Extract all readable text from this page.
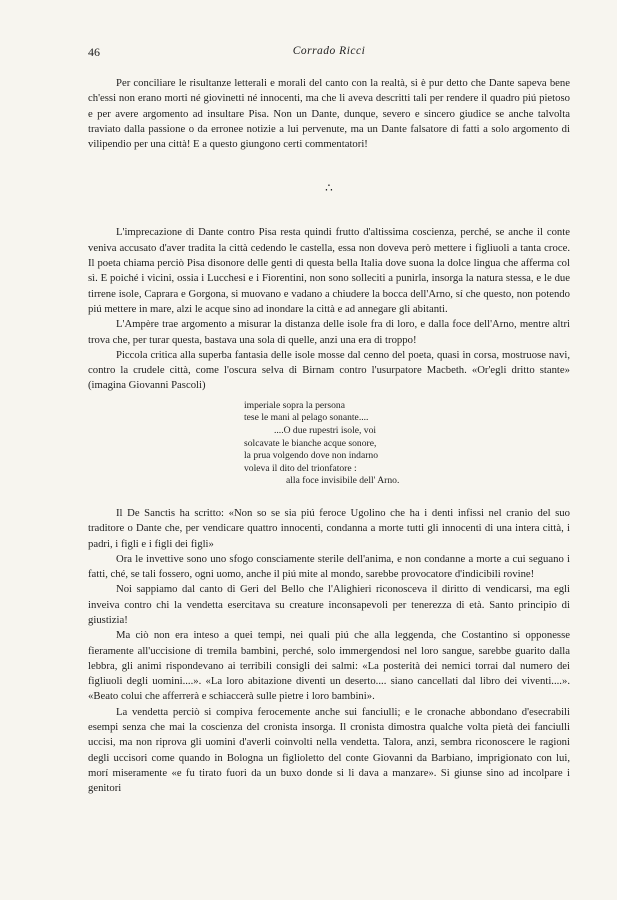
46	Corrado Ricci

Per conciliare le risultanze letterali e morali del canto con la realtà, si è pur detto che Dante sapeva bene ch'essi non erano morti né giovinetti né innocenti, ma che li aveva descritti tali per rendere il quadro piú pietoso e per avere argomento ad insultare Pisa. Non un Dante, dunque, severo e sincero giudice se anche talvolta traviato dalla passione o da erronee notizie a lui pervenute, ma un Dante falsatore di fatti a solo argomento di vilipendio per una città! E a questo giungono certi commentatori!

∴

L'imprecazione di Dante contro Pisa resta quindi frutto d'altissima coscienza, perché, se anche il conte veniva accusato d'aver tradita la città cedendo le castella, essa non doveva però mettere i figliuoli a tanta croce. Il poeta chiama perciò Pisa disonore delle genti di questa bella Italia dove suona la dolce lingua che afferma col sì. E poiché i vicini, ossia i Lucchesi e i Fiorentini, non sono solleciti a punirla, insorga la natura stessa, e le due tirrene isole, Caprara e Gorgona, si muovano e vadano a chiudere la bocca dell'Arno, sí che questo, non potendo piú mettere in mare, alzi le acque sino ad inondare la città e ad annegare gli abitanti.

L'Ampère trae argomento a misurar la distanza delle isole fra di loro, e dalla foce dell'Arno, mentre altri trova che, per turar questa, bastava una sola di quelle, anzi una era di troppo!

Piccola critica alla superba fantasia delle isole mosse dal cenno del poeta, quasi in corsa, mostruose navi, contro la crudele città, come l'oscura selva di Birnam contro l'usurpatore Macbeth. «Or'egli dritto stante» (imagina Giovanni Pascoli)

imperiale sopra la persona
tese le mani al pelago sonante....
....O due rupestri isole, voi
solcavate le bianche acque sonore,
la prua volgendo dove non indarno
voleva il dito del trionfatore :
alla foce invisibile dell' Arno.

Il De Sanctis ha scritto: «Non so se sia piú feroce Ugolino che ha i denti infissi nel cranio del suo traditore o Dante che, per vendicare quattro innocenti, condanna a morte tutti gli innocenti di una intera città, i padri, i figli e i figli dei figli»

Ora le invettive sono uno sfogo consciamente sterile dell'anima, e non condanne a morte a cui seguano i fatti, ché, se tali fossero, ogni uomo, anche il piú mite al mondo, sarebbe provocatore d'indicibili rovine!

Noi sappiamo dal canto di Geri del Bello che l'Alighieri riconosceva il diritto di vendicarsi, ma egli inveiva contro chi la vendetta esercitava su creature inconsapevoli per tenerezza di età. Santo principio di giustizia!

Ma ciò non era inteso a quei tempi, nei quali piú che alla leggenda, che Costantino si opponesse fieramente all'uccisione di tremila bambini, perché, solo immergendosi nel loro sangue, sarebbe guarito dalla lebbra, gli animi rispondevano ai terribili consigli dei salmi: «La posterità dei nemici torrai dal numero dei figliuoli degli uomini....». «La loro abitazione diventi un deserto.... siano cancellati dal libro dei viventi....». «Beato colui che afferrerà e schiaccerà sulle pietre i loro bambini».

La vendetta perciò si compiva ferocemente anche sui fanciulli; e le cronache abbondano d'esecrabili esempi senza che mai la coscienza del cronista insorga. Il cronista dimostra qualche volta pietà dei fanciulli uccisi, ma non riprova gli uomini d'averli coinvolti nella vendetta. Talora, anzi, sembra riconoscere le ragioni degli uccisori come quando in Bologna un figlioletto del conte Giovanni da Barbiano, imprigionato con lui, morí miseramente «e fu tirato fuori da un buxo donde si li dava a manzare». Si giunse sino ad incolpare i genitori
